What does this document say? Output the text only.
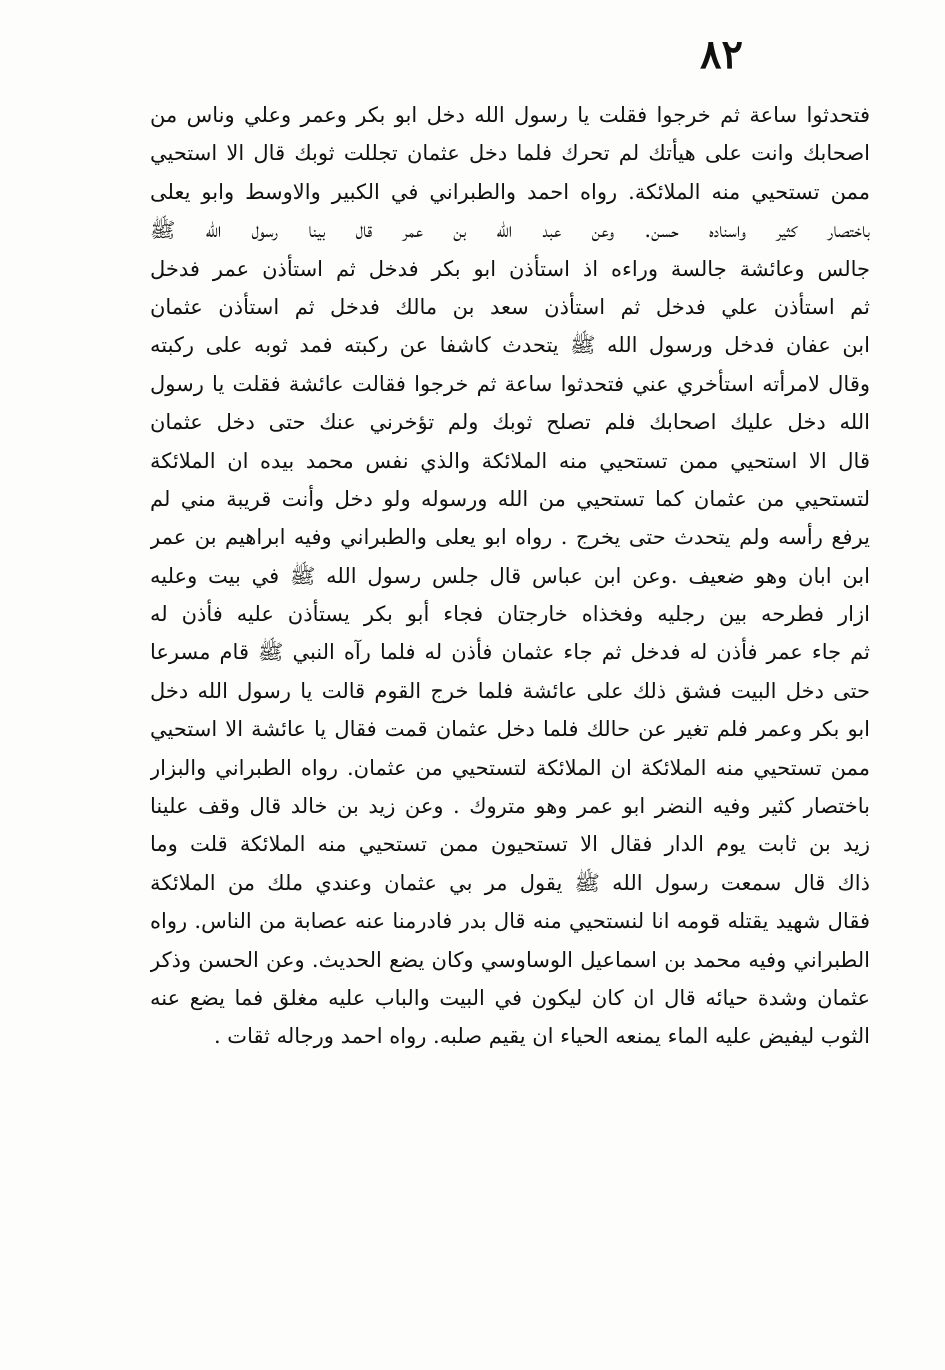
٨٢
فتحدثوا ساعة ثم خرجوا فقلت يا رسول الله دخل ابو بكر وعمر وعلي وناس من
اصحابك وانت على هيأتك لم تحرك فلما دخل عثمان تجللت ثوبك قال الا استحيي
ممن تستحيي منه الملائكة. رواه احمد والطبراني في الكبير والاوسط وابو يعلى
باختصار كثير واسناده حسن. وعن عبد الله بن عمر قال بينا رسول الله ﷺ
جالس وعائشة جالسة وراءه اذ استأذن ابو بكر فدخل ثم استأذن عمر فدخل
ثم استأذن علي فدخل ثم استأذن سعد بن مالك فدخل ثم استأذن عثمان
ابن عفان فدخل ورسول الله ﷺ يتحدث كاشفا عن ركبته فمد ثوبه على ركبته
وقال لامرأته استأخري عني فتحدثوا ساعة ثم خرجوا فقالت عائشة فقلت يا رسول
الله دخل عليك اصحابك فلم تصلح ثوبك ولم تؤخرني عنك حتى دخل عثمان
قال الا استحيي ممن تستحيي منه الملائكة والذي نفس محمد بيده ان الملائكة
لتستحيي من عثمان كما تستحيي من الله ورسوله ولو دخل وأنت قريبة مني لم
يرفع رأسه ولم يتحدث حتى يخرج . رواه ابو يعلى والطبراني وفيه ابراهيم بن عمر
ابن ابان وهو ضعيف .وعن ابن عباس قال جلس رسول الله ﷺ في بيت وعليه
ازار فطرحه بين رجليه وفخذاه خارجتان فجاء أبو بكر يستأذن عليه فأذن له
ثم جاء عمر فأذن له فدخل ثم جاء عثمان فأذن له فلما رآه النبي ﷺ قام مسرعا
حتى دخل البيت فشق ذلك على عائشة فلما خرج القوم قالت يا رسول الله دخل
ابو بكر وعمر فلم تغير عن حالك فلما دخل عثمان قمت فقال يا عائشة الا استحيي
ممن تستحيي منه الملائكة ان الملائكة لتستحيي من عثمان. رواه الطبراني والبزار
باختصار كثير وفيه النضر ابو عمر وهو متروك . وعن زيد بن خالد قال وقف علينا
زيد بن ثابت يوم الدار فقال الا تستحيون ممن تستحيي منه الملائكة قلت وما
ذاك قال سمعت رسول الله ﷺ يقول مر بي عثمان وعندي ملك من الملائكة
فقال شهيد يقتله قومه انا لنستحيي منه قال بدر فادرمنا عنه عصابة من الناس. رواه
الطبراني وفيه محمد بن اسماعيل الوساوسي وكان يضع الحديث. وعن الحسن وذكر
عثمان وشدة حيائه قال ان كان ليكون في البيت والباب عليه مغلق فما يضع عنه
الثوب ليفيض عليه الماء يمنعه الحياء ان يقيم صلبه. رواه احمد ورجاله ثقات .
